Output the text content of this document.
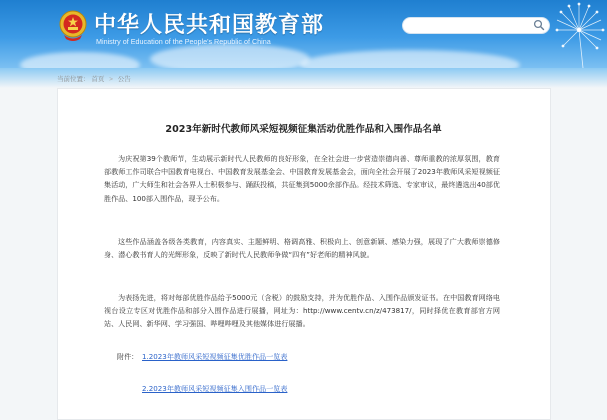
中华人民共和国教育部
Ministry of Education of the People's Republic of China
当前位置： 首页 > 公告
2023年新时代教师风采短视频征集活动优胜作品和入围作品名单

为庆祝第39个教师节，生动展示新时代人民教师的良好形象，在全社会进一步营造崇德向善、尊师重教的浓厚氛围，教育部教师工作司联合中国教育电视台、中国教育发展基金会、中国教育发展基金会，面向全社会开展了2023年教师风采短视频征集活动，广大师生和社会各界人士积极参与、踊跃投稿，共征集到5000余部作品。经技术筛选、专家审议，最终遴选出40部优胜作品、100部入围作品，现予公布。

这些作品涵盖各级各类教育，内容真实、主题鲜明、格调高雅、积极向上、创意新颖、感染力强，展现了广大教师崇德修身、潜心教书育人的光辉形象，反映了新时代人民教师争做“四有”好老师的精神风貌。

为表扬先进，将对每部优胜作品给予5000元（含税）的鼓励支持，并为优胜作品、入围作品颁发证书。在中国教育网络电视台设立专区对优胜作品和部分入围作品进行展播，网址为：http://www.centv.cn/z/473817/，同时择优在教育部官方网站、人民网、新华网、学习强国、哔哩哔哩及其他媒体进行展播。

附件： 1.2023年教师风采短视频征集优胜作品一览表
2.2023年教师风采短视频征集入围作品一览表
